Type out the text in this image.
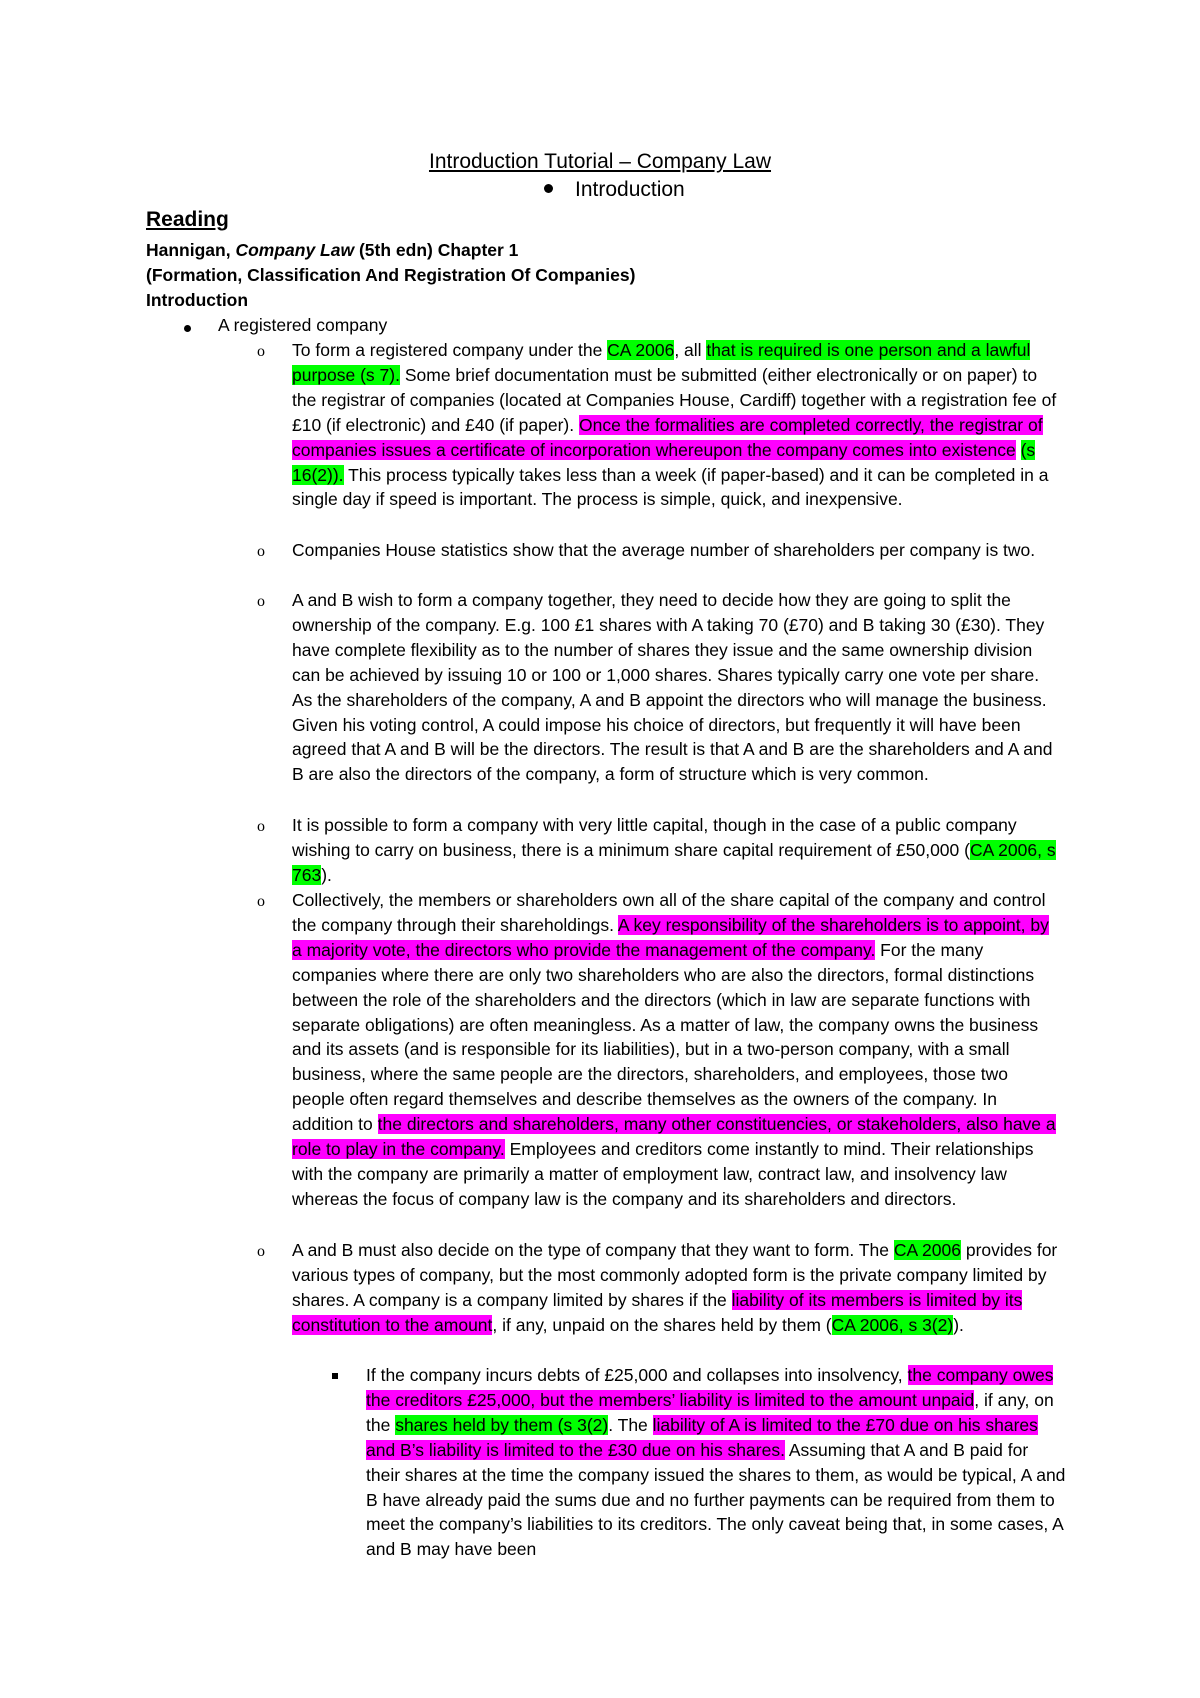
Introduction Tutorial – Company Law
Introduction
Reading
Hannigan, Company Law (5th edn) Chapter 1
(Formation, Classification And Registration Of Companies)
Introduction
A registered company
o To form a registered company under the CA 2006, all that is required is one person and a lawful purpose (s 7). Some brief documentation must be submitted (either electronically or on paper) to the registrar of companies (located at Companies House, Cardiff) together with a registration fee of £10 (if electronic) and £40 (if paper). Once the formalities are completed correctly, the registrar of companies issues a certificate of incorporation whereupon the company comes into existence (s 16(2)). This process typically takes less than a week (if paper-based) and it can be completed in a single day if speed is important. The process is simple, quick, and inexpensive.
o Companies House statistics show that the average number of shareholders per company is two.
o A and B wish to form a company together, they need to decide how they are going to split the ownership of the company. E.g. 100 £1 shares with A taking 70 (£70) and B taking 30 (£30). They have complete flexibility as to the number of shares they issue and the same ownership division can be achieved by issuing 10 or 100 or 1,000 shares. Shares typically carry one vote per share. As the shareholders of the company, A and B appoint the directors who will manage the business. Given his voting control, A could impose his choice of directors, but frequently it will have been agreed that A and B will be the directors. The result is that A and B are the shareholders and A and B are also the directors of the company, a form of structure which is very common.
o It is possible to form a company with very little capital, though in the case of a public company wishing to carry on business, there is a minimum share capital requirement of £50,000 (CA 2006, s 763).
o Collectively, the members or shareholders own all of the share capital of the company and control the company through their shareholdings. A key responsibility of the shareholders is to appoint, by a majority vote, the directors who provide the management of the company. For the many companies where there are only two shareholders who are also the directors, formal distinctions between the role of the shareholders and the directors (which in law are separate functions with separate obligations) are often meaningless. As a matter of law, the company owns the business and its assets (and is responsible for its liabilities), but in a two-person company, with a small business, where the same people are the directors, shareholders, and employees, those two people often regard themselves and describe themselves as the owners of the company. In addition to the directors and shareholders, many other constituencies, or stakeholders, also have a role to play in the company. Employees and creditors come instantly to mind. Their relationships with the company are primarily a matter of employment law, contract law, and insolvency law whereas the focus of company law is the company and its shareholders and directors.
o A and B must also decide on the type of company that they want to form. The CA 2006 provides for various types of company, but the most commonly adopted form is the private company limited by shares. A company is a company limited by shares if the liability of its members is limited by its constitution to the amount, if any, unpaid on the shares held by them (CA 2006, s 3(2)).
If the company incurs debts of £25,000 and collapses into insolvency, the company owes the creditors £25,000, but the members’ liability is limited to the amount unpaid, if any, on the shares held by them (s 3(2). The liability of A is limited to the £70 due on his shares and B’s liability is limited to the £30 due on his shares. Assuming that A and B paid for their shares at the time the company issued the shares to them, as would be typical, A and B have already paid the sums due and no further payments can be required from them to meet the company’s liabilities to its creditors. The only caveat being that, in some cases, A and B may have been
